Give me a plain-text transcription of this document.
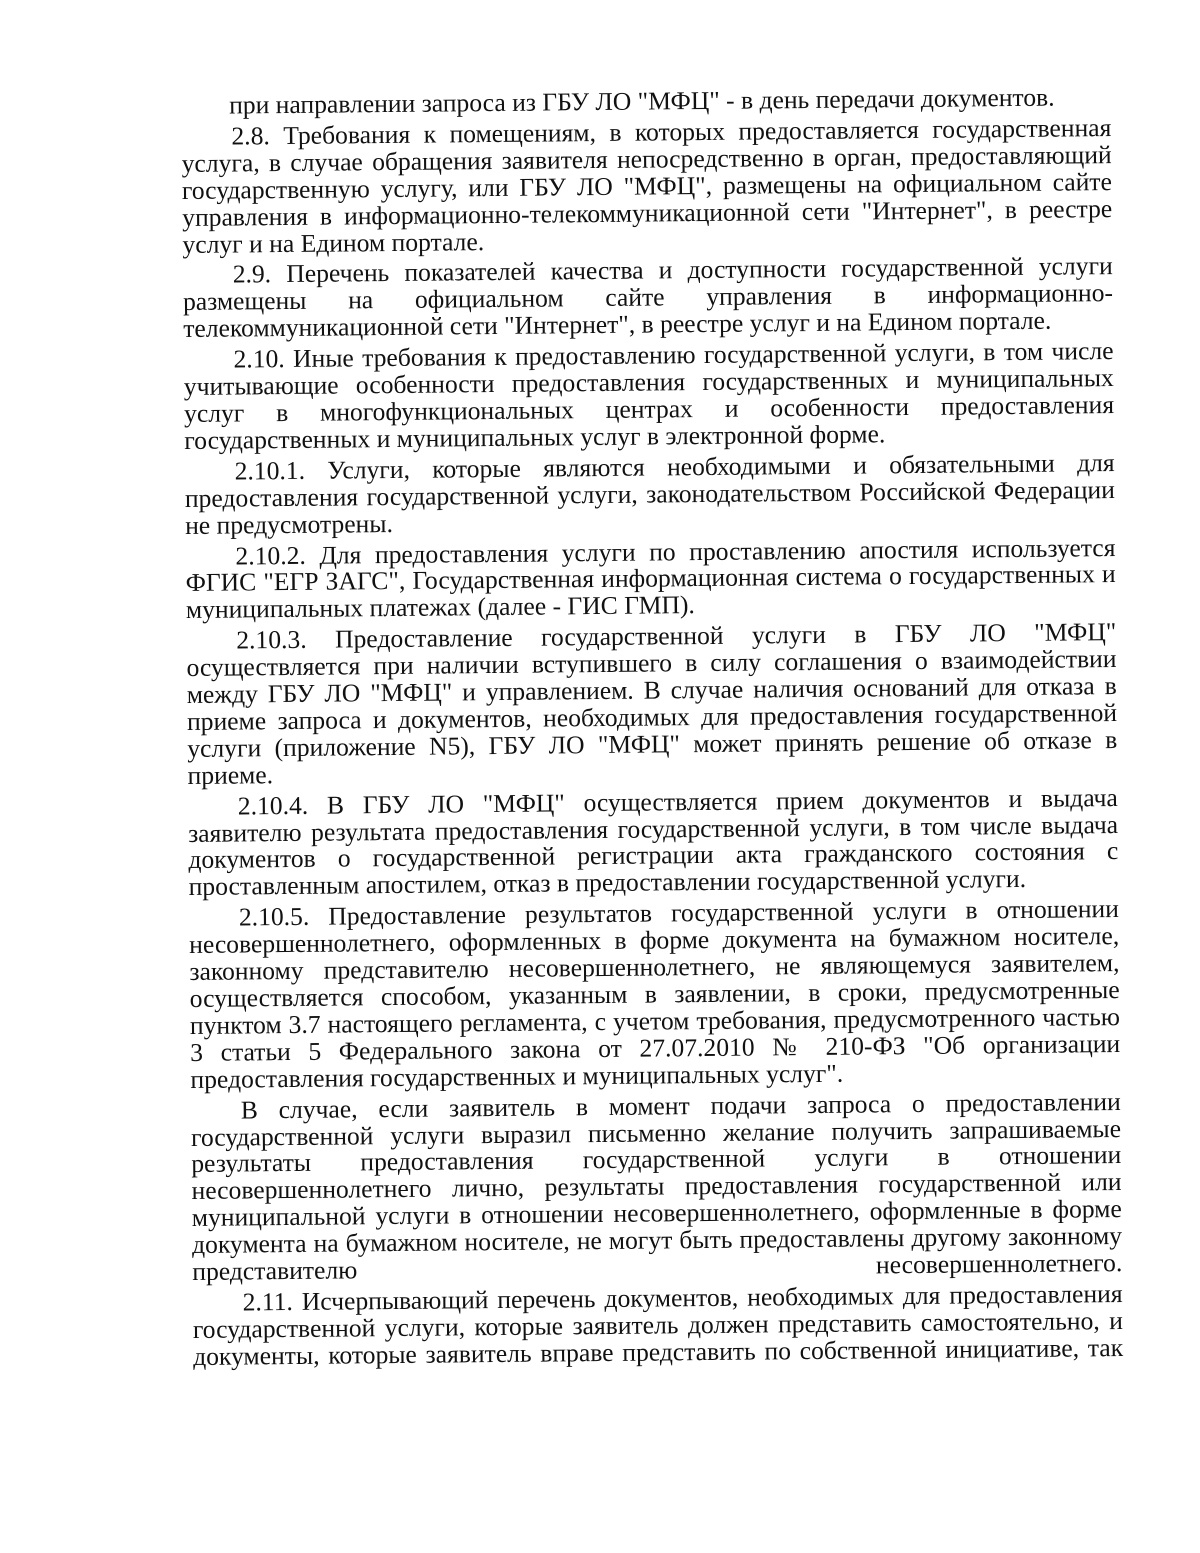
при направлении запроса из ГБУ ЛО "МФЦ" - в день передачи документов.

2.8. Требования к помещениям, в которых предоставляется государственная услуга, в случае обращения заявителя непосредственно в орган, предоставляющий государственную услугу, или ГБУ ЛО "МФЦ", размещены на официальном сайте управления в информационно-телекоммуникационной сети "Интернет", в реестре услуг и на Едином портале.

2.9. Перечень показателей качества и доступности государственной услуги размещены на официальном сайте управления в информационно-телекоммуникационной сети "Интернет", в реестре услуг и на Едином портале.

2.10. Иные требования к предоставлению государственной услуги, в том числе учитывающие особенности предоставления государственных и муниципальных услуг в многофункциональных центрах и особенности предоставления государственных и муниципальных услуг в электронной форме.

2.10.1. Услуги, которые являются необходимыми и обязательными для предоставления государственной услуги, законодательством Российской Федерации не предусмотрены.

2.10.2. Для предоставления услуги по проставлению апостиля используется ФГИС "ЕГР ЗАГС", Государственная информационная система о государственных и муниципальных платежах (далее - ГИС ГМП).

2.10.3. Предоставление государственной услуги в ГБУ ЛО "МФЦ" осуществляется при наличии вступившего в силу соглашения о взаимодействии между ГБУ ЛО "МФЦ" и управлением. В случае наличия оснований для отказа в приеме запроса и документов, необходимых для предоставления государственной услуги (приложение N5), ГБУ ЛО "МФЦ" может принять решение об отказе в приеме.

2.10.4. В ГБУ ЛО "МФЦ" осуществляется прием документов и выдача заявителю результата предоставления государственной услуги, в том числе выдача документов о государственной регистрации акта гражданского состояния с проставленным апостилем, отказ в предоставлении государственной услуги.

2.10.5. Предоставление результатов государственной услуги в отношении несовершеннолетнего, оформленных в форме документа на бумажном носителе, законному представителю несовершеннолетнего, не являющемуся заявителем, осуществляется способом, указанным в заявлении, в сроки, предусмотренные пунктом 3.7 настоящего регламента, с учетом требования, предусмотренного частью 3 статьи 5 Федерального закона от 27.07.2010 № 210-ФЗ "Об организации предоставления государственных и муниципальных услуг".

В случае, если заявитель в момент подачи запроса о предоставлении государственной услуги выразил письменно желание получить запрашиваемые результаты предоставления государственной услуги в отношении несовершеннолетнего лично, результаты предоставления государственной или муниципальной услуги в отношении несовершеннолетнего, оформленные в форме документа на бумажном носителе, не могут быть предоставлены другому законному представителю несовершеннолетнего.

2.11. Исчерпывающий перечень документов, необходимых для предоставления государственной услуги, которые заявитель должен представить самостоятельно, и документы, которые заявитель вправе представить по собственной инициативе, так
